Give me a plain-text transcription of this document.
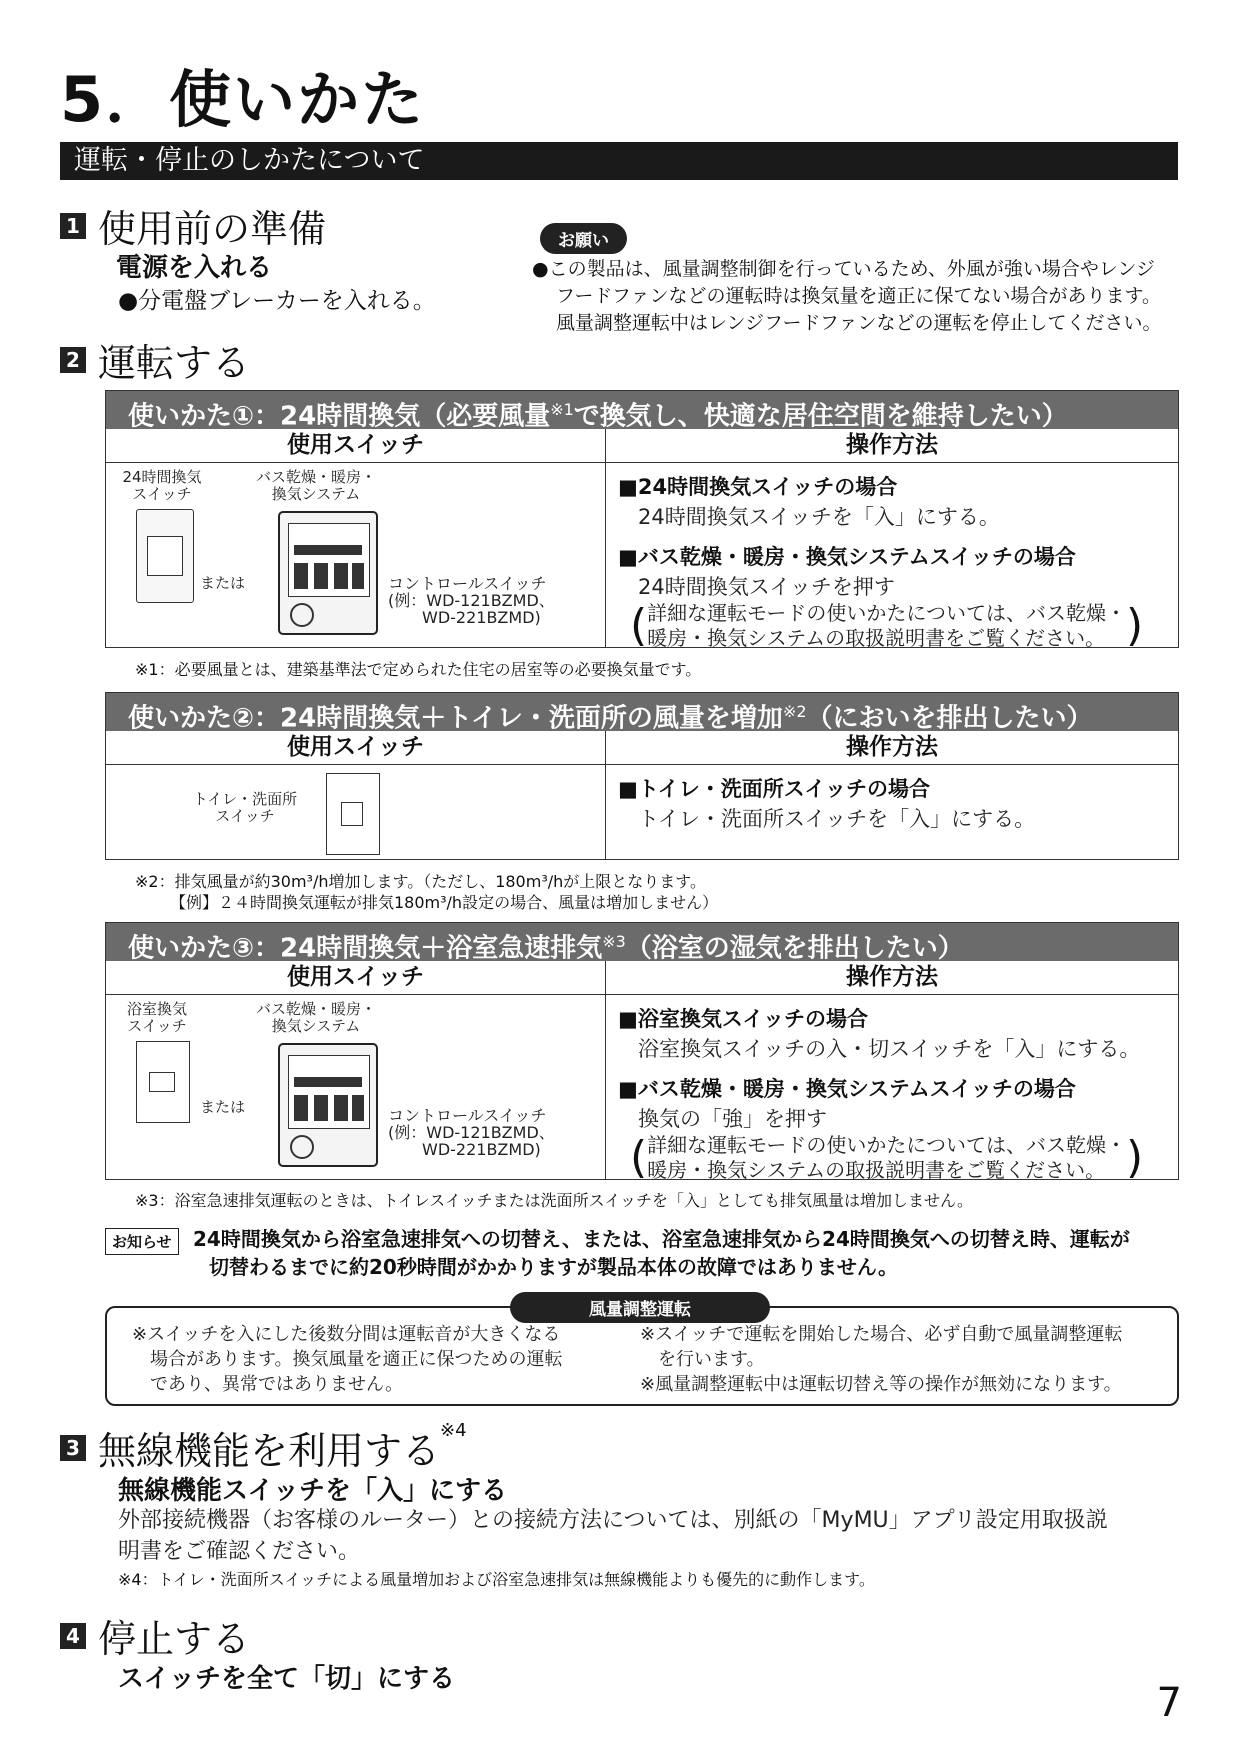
5．使いかた
運転・停止のしかたについて
1 使用前の準備
電源を入れる
●分電盤ブレーカーを入れる。
お願い
●この製品は、風量調整制御を行っているため、外風が強い場合やレンジ
フードファンなどの運転時は換気量を適正に保てない場合があります。
風量調整運転中はレンジフードファンなどの運転を停止してください。
2 運転する
使いかた①：24時間換気（必要風量$^{※1}$で換気し、快適な居住空間を維持したい）
使用スイッチ	操作方法
24時間換気
スイッチ
または
バス乾燥・暖房・
換気システム
コントロールスイッチ
(例：WD-121BZMD、
WD-221BZMD)
■24時間換気スイッチの場合
24時間換気スイッチを「入」にする。
■バス乾燥・暖房・換気システムスイッチの場合
24時間換気スイッチを押す
( 詳細な運転モードの使いかたについては、バス乾燥・
暖房・換気システムの取扱説明書をご覧ください。 )
※1：必要風量とは、建築基準法で定められた住宅の居室等の必要換気量です。
使いかた②：24時間換気＋トイレ・洗面所の風量を増加$^{※2}$（においを排出したい）
使用スイッチ	操作方法
トイレ・洗面所
スイッチ
■トイレ・洗面所スイッチの場合
トイレ・洗面所スイッチを「入」にする。
※2：排気風量が約30m³/h増加します。（ただし、180m³/hが上限となります。
【例】２４時間換気運転が排気180m³/h設定の場合、風量は増加しません）
使いかた③：24時間換気＋浴室急速排気$^{※3}$（浴室の湿気を排出したい）
使用スイッチ	操作方法
浴室換気
スイッチ
または
バス乾燥・暖房・
換気システム
コントロールスイッチ
(例：WD-121BZMD、
WD-221BZMD)
■浴室換気スイッチの場合
浴室換気スイッチの入・切スイッチを「入」にする。
■バス乾燥・暖房・換気システムスイッチの場合
換気の「強」を押す
( 詳細な運転モードの使いかたについては、バス乾燥・
暖房・換気システムの取扱説明書をご覧ください。 )
※3：浴室急速排気運転のときは、トイレスイッチまたは洗面所スイッチを「入」としても排気風量は増加しません。
お知らせ	24時間換気から浴室急速排気への切替え、または、浴室急速排気から24時間換気への切替え時、運転が
切替わるまでに約20秒時間がかかりますが製品本体の故障ではありません。
風量調整運転
※スイッチを入にした後数分間は運転音が大きくなる
場合があります。換気風量を適正に保つための運転
であり、異常ではありません。
※スイッチで運転を開始した場合、必ず自動で風量調整運転
を行います。
※風量調整運転中は運転切替え等の操作が無効になります。
3 無線機能を利用する$^{※4}$
無線機能スイッチを「入」にする
外部接続機器（お客様のルーター）との接続方法については、別紙の「MyMU」アプリ設定用取扱説
明書をご確認ください。
※4：トイレ・洗面所スイッチによる風量増加および浴室急速排気は無線機能よりも優先的に動作します。
4 停止する
スイッチを全て「切」にする
7
